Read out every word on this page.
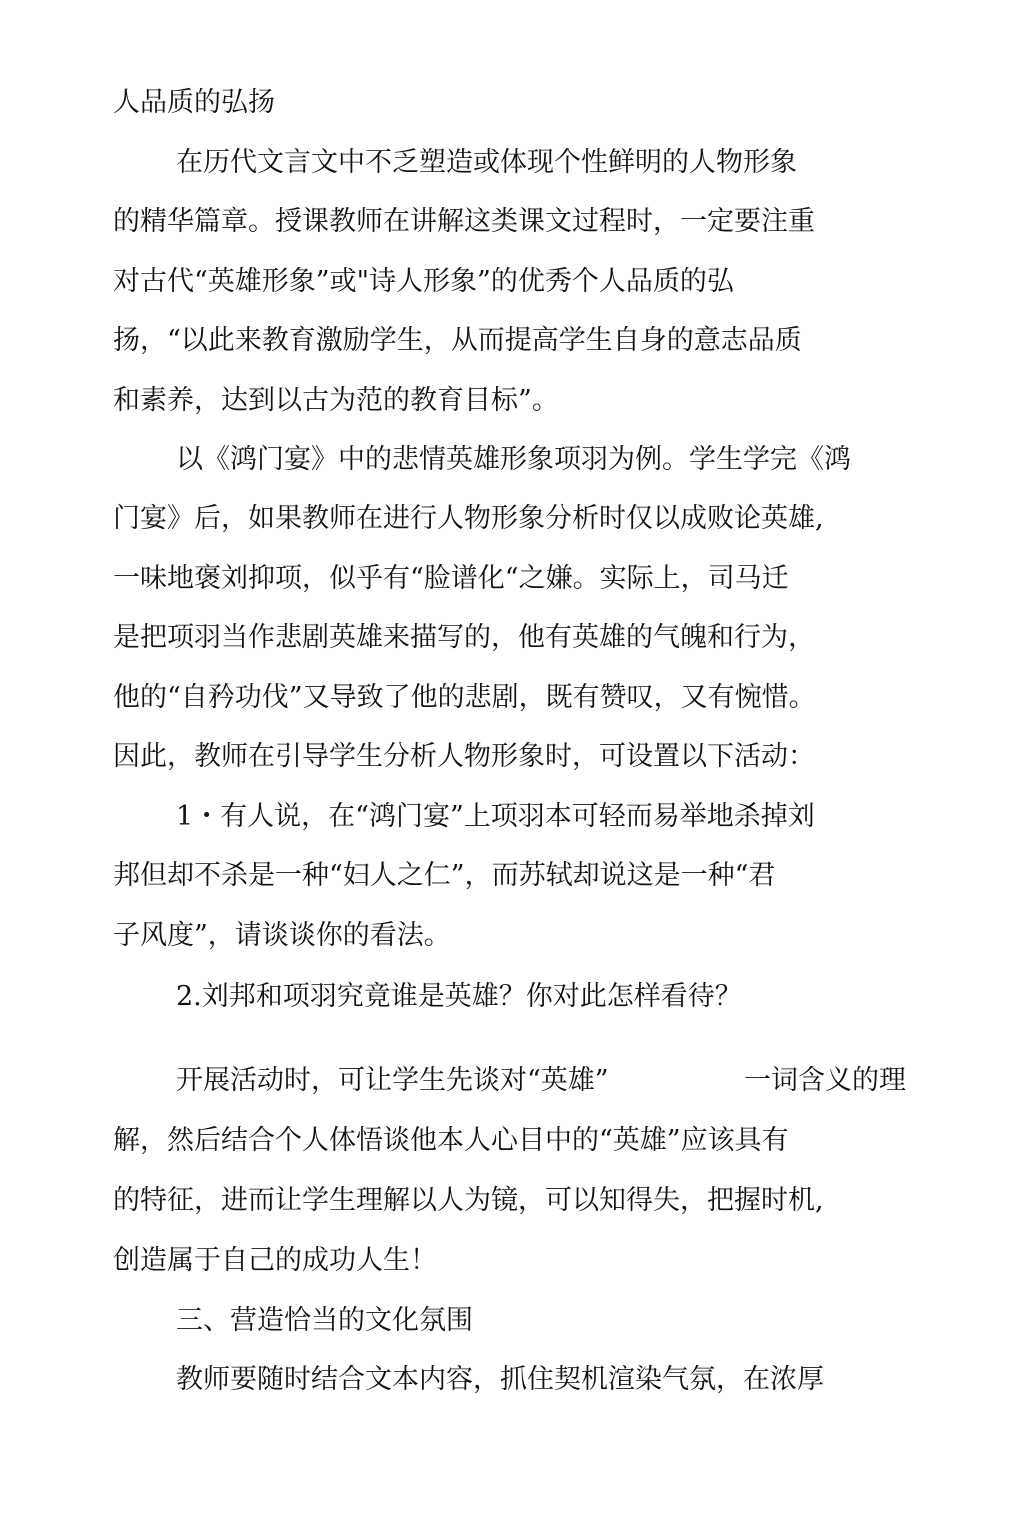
人品质的弘扬
在历代文言文中不乏塑造或体现个性鲜明的人物形象
的精华篇章。授课教师在讲解这类课文过程时，一定要注重
对古代“英雄形象”或"诗人形象”的优秀个人品质的弘
扬，“以此来教育激励学生，从而提高学生自身的意志品质
和素养，达到以古为范的教育目标”。
以《鸿门宴》中的悲情英雄形象项羽为例。学生学完《鸿
门宴》后，如果教师在进行人物形象分析时仅以成败论英雄,
一味地褒刘抑项，似乎有“脸谱化“之嫌。实际上，司马迁
是把项羽当作悲剧英雄来描写的，他有英雄的气魄和行为，
他的“自矜功伐”又导致了他的悲剧，既有赞叹，又有惋惜。
因此，教师在引导学生分析人物形象时，可设置以下活动：
1・有人说，在“鸿门宴”上项羽本可轻而易举地杀掉刘
邦但却不杀是一种“妇人之仁”，而苏轼却说这是一种“君
子风度”，请谈谈你的看法。
2.刘邦和项羽究竟谁是英雄？你对此怎样看待？
开展活动时，可让学生先谈对“英雄”	一词含义的理
解，然后结合个人体悟谈他本人心目中的“英雄”应该具有
的特征，进而让学生理解以人为镜，可以知得失，把握时机,
创造属于自己的成功人生！
三、营造恰当的文化氛围
教师要随时结合文本内容，抓住契机渲染气氛，在浓厚
